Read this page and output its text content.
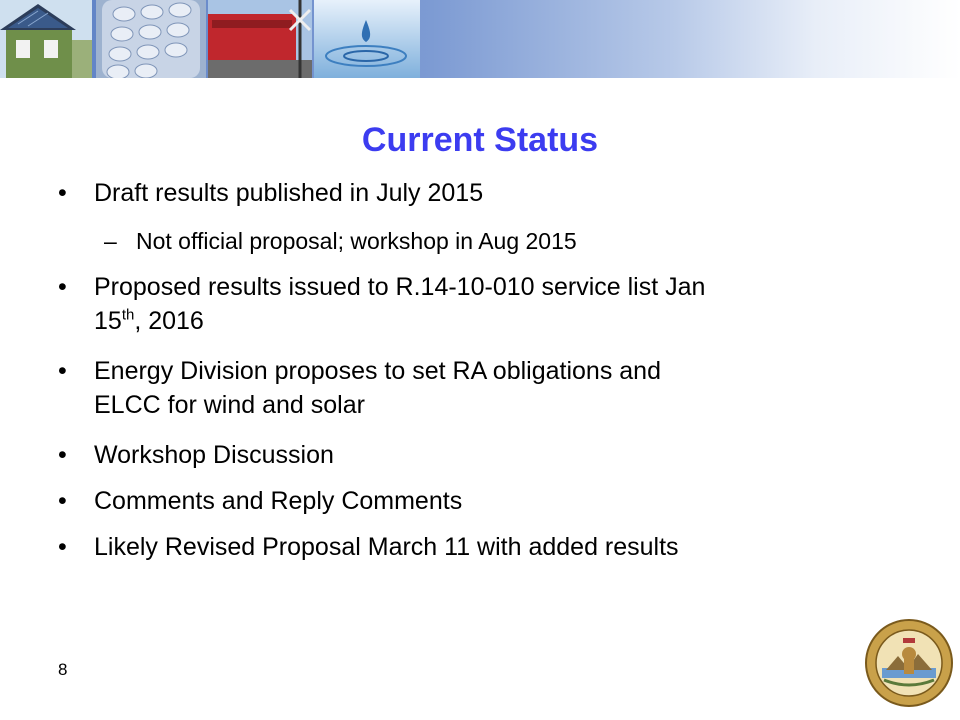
Current Status
• Draft results published in July 2015
– Not official proposal; workshop in Aug 2015
• Proposed results issued to R.14-10-010 service list Jan
15th, 2016
• Energy Division proposes to set RA obligations and
ELCC for wind and solar
• Workshop Discussion
• Comments and Reply Comments
• Likely Revised Proposal March 11 with added results
8
